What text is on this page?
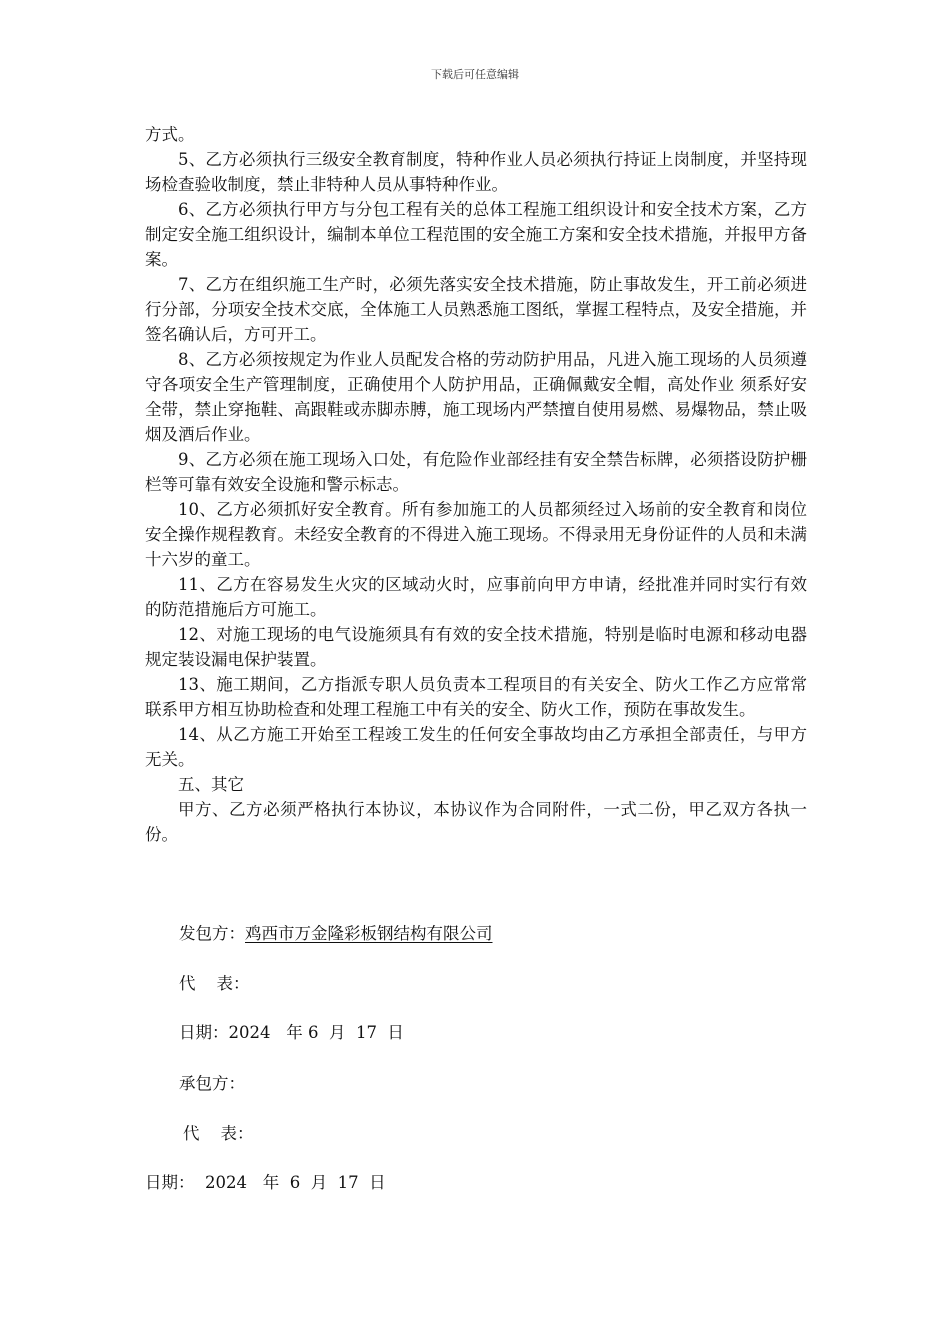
下载后可任意编辑

方式。

5、乙方必须执行三级安全教育制度，特种作业人员必须执行持证上岗制度，并坚持现场检查验收制度，禁止非特种人员从事特种作业。

6、乙方必须执行甲方与分包工程有关的总体工程施工组织设计和安全技术方案，乙方制定安全施工组织设计，编制本单位工程范围的安全施工方案和安全技术措施，并报甲方备案。

7、乙方在组织施工生产时，必须先落实安全技术措施，防止事故发生，开工前必须进行分部，分项安全技术交底，全体施工人员熟悉施工图纸，掌握工程特点，及安全措施，并签名确认后，方可开工。

8、乙方必须按规定为作业人员配发合格的劳动防护用品，凡进入施工现场的人员须遵守各项安全生产管理制度，正确使用个人防护用品，正确佩戴安全帽，高处作业 须系好安全带，禁止穿拖鞋、高跟鞋或赤脚赤膊，施工现场内严禁擅自使用易燃、易爆物品，禁止吸烟及酒后作业。

9、乙方必须在施工现场入口处，有危险作业部经挂有安全禁告标牌，必须搭设防护栅栏等可靠有效安全设施和警示标志。

10、乙方必须抓好安全教育。所有参加施工的人员都须经过入场前的安全教育和岗位安全操作规程教育。未经安全教育的不得进入施工现场。不得录用无身份证件的人员和未满十六岁的童工。

11、乙方在容易发生火灾的区域动火时，应事前向甲方申请，经批准并同时实行有效的防范措施后方可施工。

12、对施工现场的电气设施须具有有效的安全技术措施，特别是临时电源和移动电器规定装设漏电保护装置。

13、施工期间，乙方指派专职人员负责本工程项目的有关安全、防火工作乙方应常常联系甲方相互协助检查和处理工程施工中有关的安全、防火工作，预防在事故发生。

14、从乙方施工开始至工程竣工发生的任何安全事故均由乙方承担全部责任，与甲方无关。

五、其它

甲方、乙方必须严格执行本协议，本协议作为合同附件，一式二份，甲乙双方各执一份。

发包方：鸡西市万金隆彩板钢结构有限公司
代    表：
日期：2024   年 6  月  17  日
承包方：
代    表：
日期：  2024   年  6  月  17  日
